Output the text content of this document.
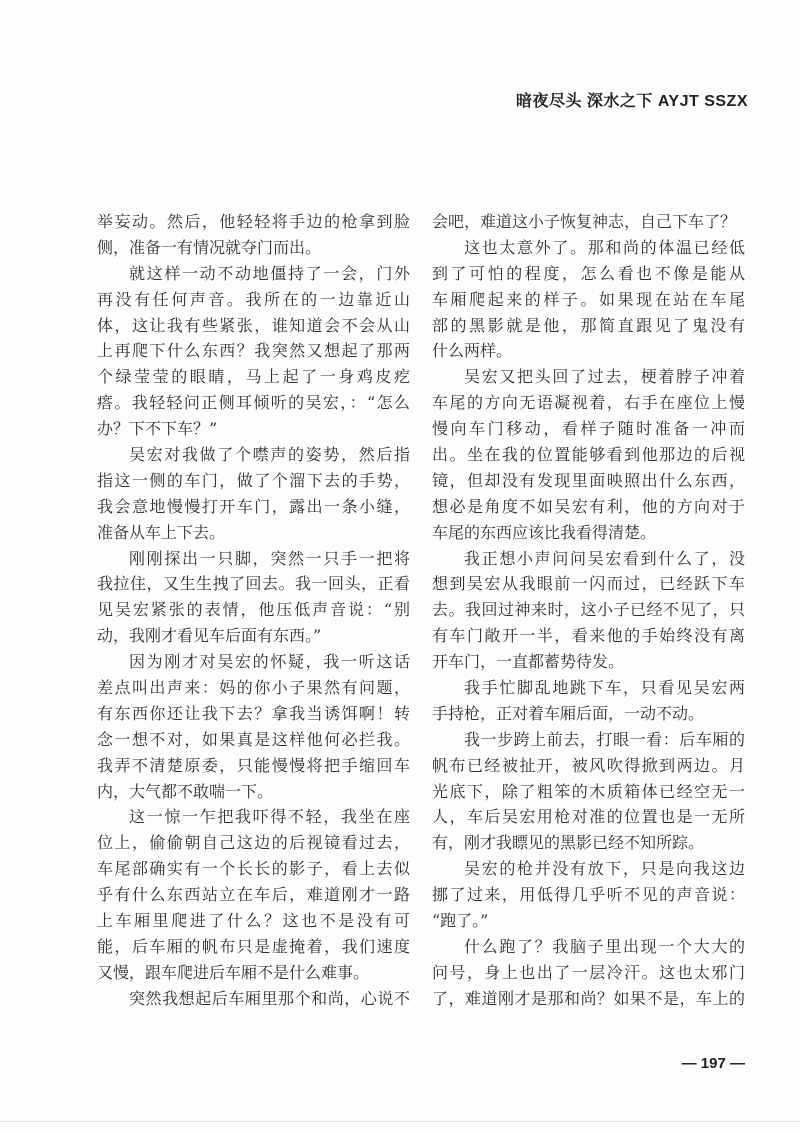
暗夜尽头 深水之下 AYJT SSZX
举妄动。然后，他轻轻将手边的枪拿到脸
侧，准备一有情况就夺门而出。
就这样一动不动地僵持了一会，门外
再没有任何声音。我所在的一边靠近山
体，这让我有些紧张，谁知道会不会从山
上再爬下什么东西？我突然又想起了那两
个绿莹莹的眼睛，马上起了一身鸡皮疙
瘩。我轻轻问正侧耳倾听的吴宏，：“怎么
办？下不下车？”
吴宏对我做了个噤声的姿势，然后指
指这一侧的车门，做了个溜下去的手势，
我会意地慢慢打开车门，露出一条小缝，
准备从车上下去。
刚刚探出一只脚，突然一只手一把将
我拉住，又生生拽了回去。我一回头，正看
见吴宏紧张的表情，他压低声音说：“别
动，我刚才看见车后面有东西。”
因为刚才对吴宏的怀疑，我一听这话
差点叫出声来：妈的你小子果然有问题，
有东西你还让我下去？拿我当诱饵啊！转
念一想不对，如果真是这样他何必拦我。
我弄不清楚原委，只能慢慢将把手缩回车
内，大气都不敢喘一下。
这一惊一乍把我吓得不轻，我坐在座
位上，偷偷朝自己这边的后视镜看过去，
车尾部确实有一个长长的影子，看上去似
乎有什么东西站立在车后，难道刚才一路
上车厢里爬进了什么？这也不是没有可
能，后车厢的帆布只是虚掩着，我们速度
又慢，跟车爬进后车厢不是什么难事。
突然我想起后车厢里那个和尚，心说不
会吧，难道这小子恢复神志，自己下车了？
这也太意外了。那和尚的体温已经低
到了可怕的程度，怎么看也不像是能从
车厢爬起来的样子。如果现在站在车尾
部的黑影就是他，那简直跟见了鬼没有
什么两样。
吴宏又把头回了过去，梗着脖子冲着
车尾的方向无语凝视着，右手在座位上慢
慢向车门移动，看样子随时准备一冲而
出。坐在我的位置能够看到他那边的后视
镜，但却没有发现里面映照出什么东西，
想必是角度不如吴宏有利，他的方向对于
车尾的东西应该比我看得清楚。
我正想小声问问吴宏看到什么了，没
想到吴宏从我眼前一闪而过，已经跃下车
去。我回过神来时，这小子已经不见了，只
有车门敞开一半，看来他的手始终没有离
开车门，一直都蓄势待发。
我手忙脚乱地跳下车，只看见吴宏两
手持枪，正对着车厢后面，一动不动。
我一步跨上前去，打眼一看：后车厢的
帆布已经被扯开，被风吹得掀到两边。月
光底下，除了粗笨的木质箱体已经空无一
人，车后吴宏用枪对准的位置也是一无所
有，刚才我瞟见的黑影已经不知所踪。
吴宏的枪并没有放下，只是向我这边
挪了过来，用低得几乎听不见的声音说：
“跑了。”
什么跑了？我脑子里出现一个大大的
问号，身上也出了一层冷汗。这也太邪门
了，难道刚才是那和尚？如果不是，车上的
— 197 —
